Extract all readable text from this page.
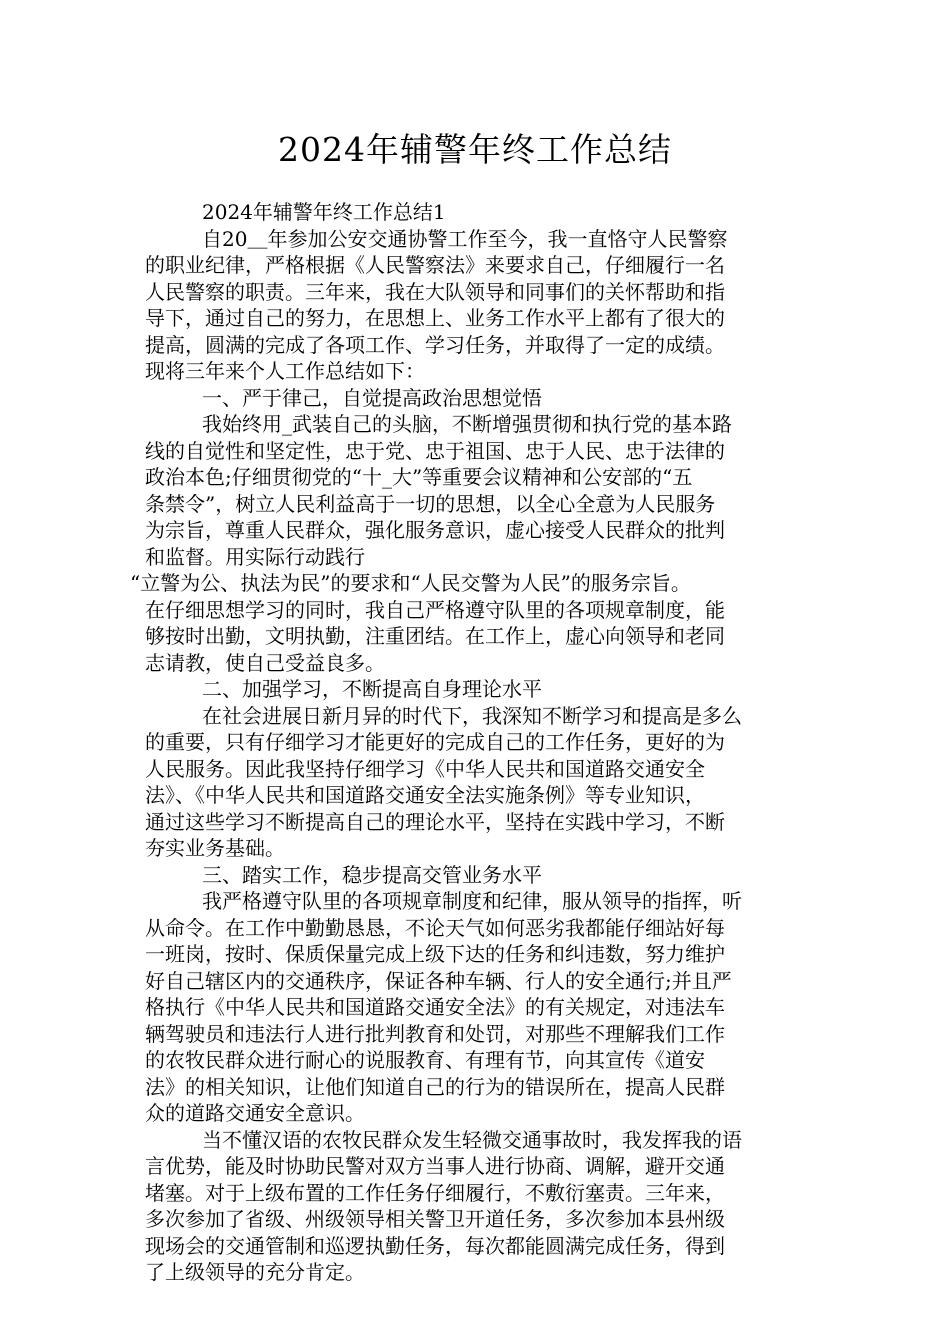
2024年辅警年终工作总结
2024年辅警年终工作总结1
自20＿年参加公安交通协警工作至今，我一直恪守人民警察
的职业纪律，严格根据《人民警察法》来要求自己，仔细履行一名
人民警察的职责。三年来，我在大队领导和同事们的关怀帮助和指
导下，通过自己的努力，在思想上、业务工作水平上都有了很大的
提高，圆满的完成了各项工作、学习任务，并取得了一定的成绩。
现将三年来个人工作总结如下：
一、严于律己，自觉提高政治思想觉悟
我始终用_武装自己的头脑，不断增强贯彻和执行党的基本路
线的自觉性和坚定性，忠于党、忠于祖国、忠于人民、忠于法律的
政治本色;仔细贯彻党的“十_大”等重要会议精神和公安部的“五
条禁令”，树立人民利益高于一切的思想，以全心全意为人民服务
为宗旨，尊重人民群众，强化服务意识，虚心接受人民群众的批判
和监督。用实际行动践行
“立警为公、执法为民”的要求和“人民交警为人民”的服务宗旨。
在仔细思想学习的同时，我自己严格遵守队里的各项规章制度，能
够按时出勤，文明执勤，注重团结。在工作上，虚心向领导和老同
志请教，使自己受益良多。
二、加强学习，不断提高自身理论水平
在社会进展日新月异的时代下，我深知不断学习和提高是多么
的重要，只有仔细学习才能更好的完成自己的工作任务，更好的为
人民服务。因此我坚持仔细学习《中华人民共和国道路交通安全
法》、《中华人民共和国道路交通安全法实施条例》等专业知识，
通过这些学习不断提高自己的理论水平，坚持在实践中学习，不断
夯实业务基础。
三、踏实工作，稳步提高交管业务水平
我严格遵守队里的各项规章制度和纪律，服从领导的指挥，听
从命令。在工作中勤勤恳恳，不论天气如何恶劣我都能仔细站好每
一班岗，按时、保质保量完成上级下达的任务和纠违数，努力维护
好自己辖区内的交通秩序，保证各种车辆、行人的安全通行;并且严
格执行《中华人民共和国道路交通安全法》的有关规定，对违法车
辆驾驶员和违法行人进行批判教育和处罚，对那些不理解我们工作
的农牧民群众进行耐心的说服教育、有理有节，向其宣传《道安
法》的相关知识，让他们知道自己的行为的错误所在，提高人民群
众的道路交通安全意识。
当不懂汉语的农牧民群众发生轻微交通事故时，我发挥我的语
言优势，能及时协助民警对双方当事人进行协商、调解，避开交通
堵塞。对于上级布置的工作任务仔细履行，不敷衍塞责。三年来，
多次参加了省级、州级领导相关警卫开道任务，多次参加本县州级
现场会的交通管制和巡逻执勤任务，每次都能圆满完成任务，得到
了上级领导的充分肯定。
